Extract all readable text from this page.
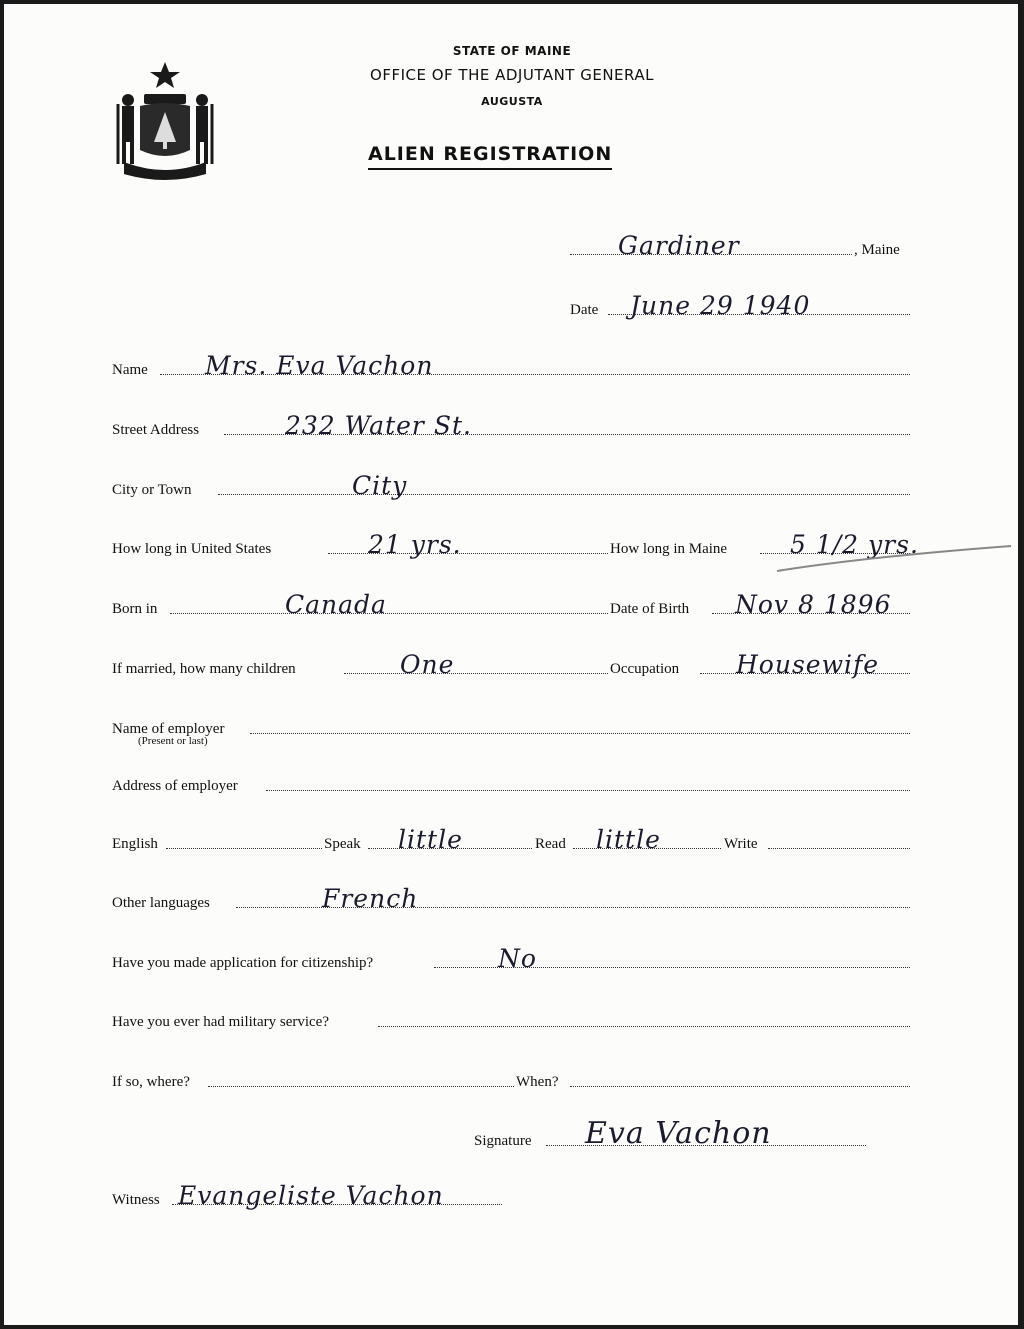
STATE OF MAINE
OFFICE OF THE ADJUTANT GENERAL
AUGUSTA
ALIEN REGISTRATION
Gardiner	, Maine
Date June 29 1940
Name Mrs. Eva Vachon
Street Address	232 Water St.
City or Town	City
How long in United States	21 yrs.	How long in Maine	5 1/2 yrs.
Born in	Canada	Date of Birth Nov 8 1896
If married, how many children	One	Occupation Housewife
Name of employer
(Present or last)
Address of employer
English	Speak little	Read little	Write
Other languages	French
Have you made application for citizenship?	No
Have you ever had military service?
If so, where?	When?
Signature Eva Vachon
Witness Evangeliste Vachon
